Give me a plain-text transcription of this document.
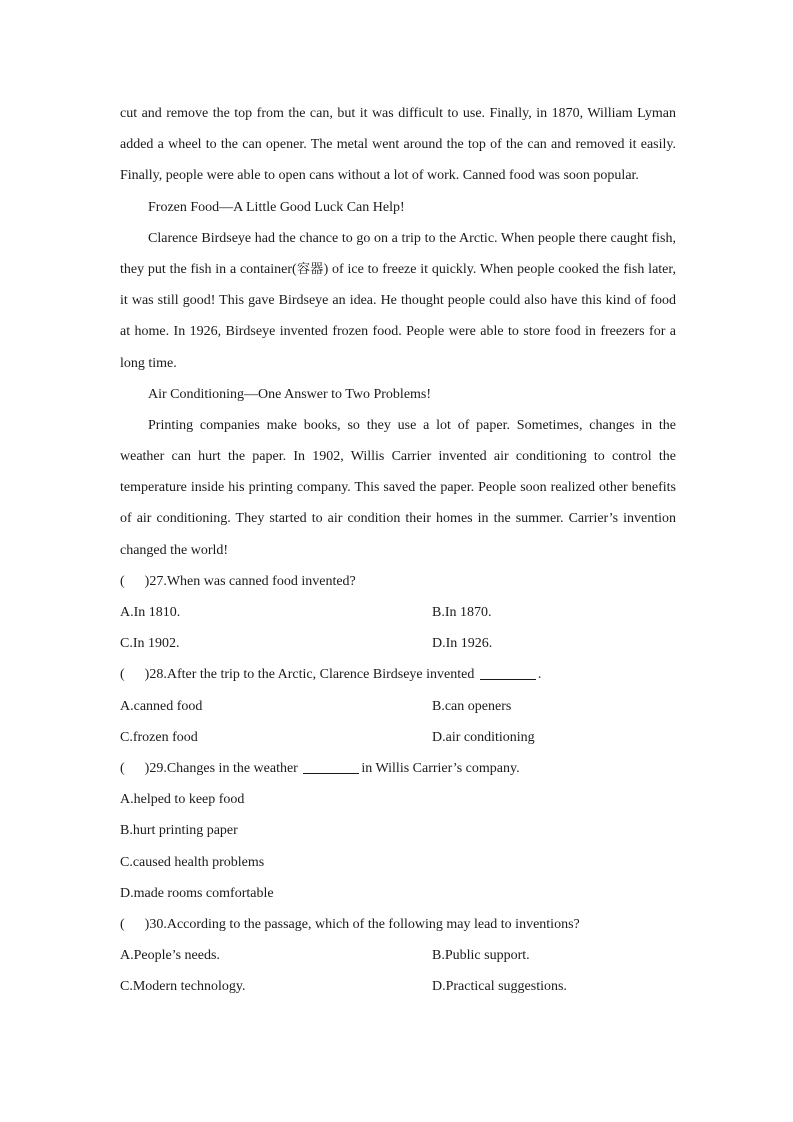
cut and remove the top from the can, but it was difficult to use. Finally, in 1870, William Lyman
added a wheel to the can opener. The metal went around the top of the can and removed it easily.
Finally, people were able to open cans without a lot of work. Canned food was soon popular.
Frozen Food—A Little Good Luck Can Help!
Clarence Birdseye had the chance to go on a trip to the Arctic. When people there caught fish,
they put the fish in a container(容器) of ice to freeze it quickly. When people cooked the fish later,
it was still good! This gave Birdseye an idea. He thought people could also have this kind of food
at home. In 1926, Birdseye invented frozen food. People were able to store food in freezers for a
long time.
Air Conditioning—One Answer to Two Problems!
Printing companies make books, so they use a lot of paper. Sometimes, changes in the
weather can hurt the paper. In 1902, Willis Carrier invented air conditioning to control the
temperature inside his printing company. This saved the paper. People soon realized other benefits
of air conditioning. They started to air condition their homes in the summer. Carrier’s invention
changed the world!
( )27.When was canned food invented?
A.In 1810.	B.In 1870.
C.In 1902.	D.In 1926.
( )28.After the trip to the Arctic, Clarence Birdseye invented	.
A.canned food	B.can openers
C.frozen food	D.air conditioning
( )29.Changes in the weather	in Willis Carrier’s company.
A.helped to keep food
B.hurt printing paper
C.caused health problems
D.made rooms comfortable
( )30.According to the passage, which of the following may lead to inventions?
A.People’s needs.	B.Public support.
C.Modern technology.	D.Practical suggestions.
